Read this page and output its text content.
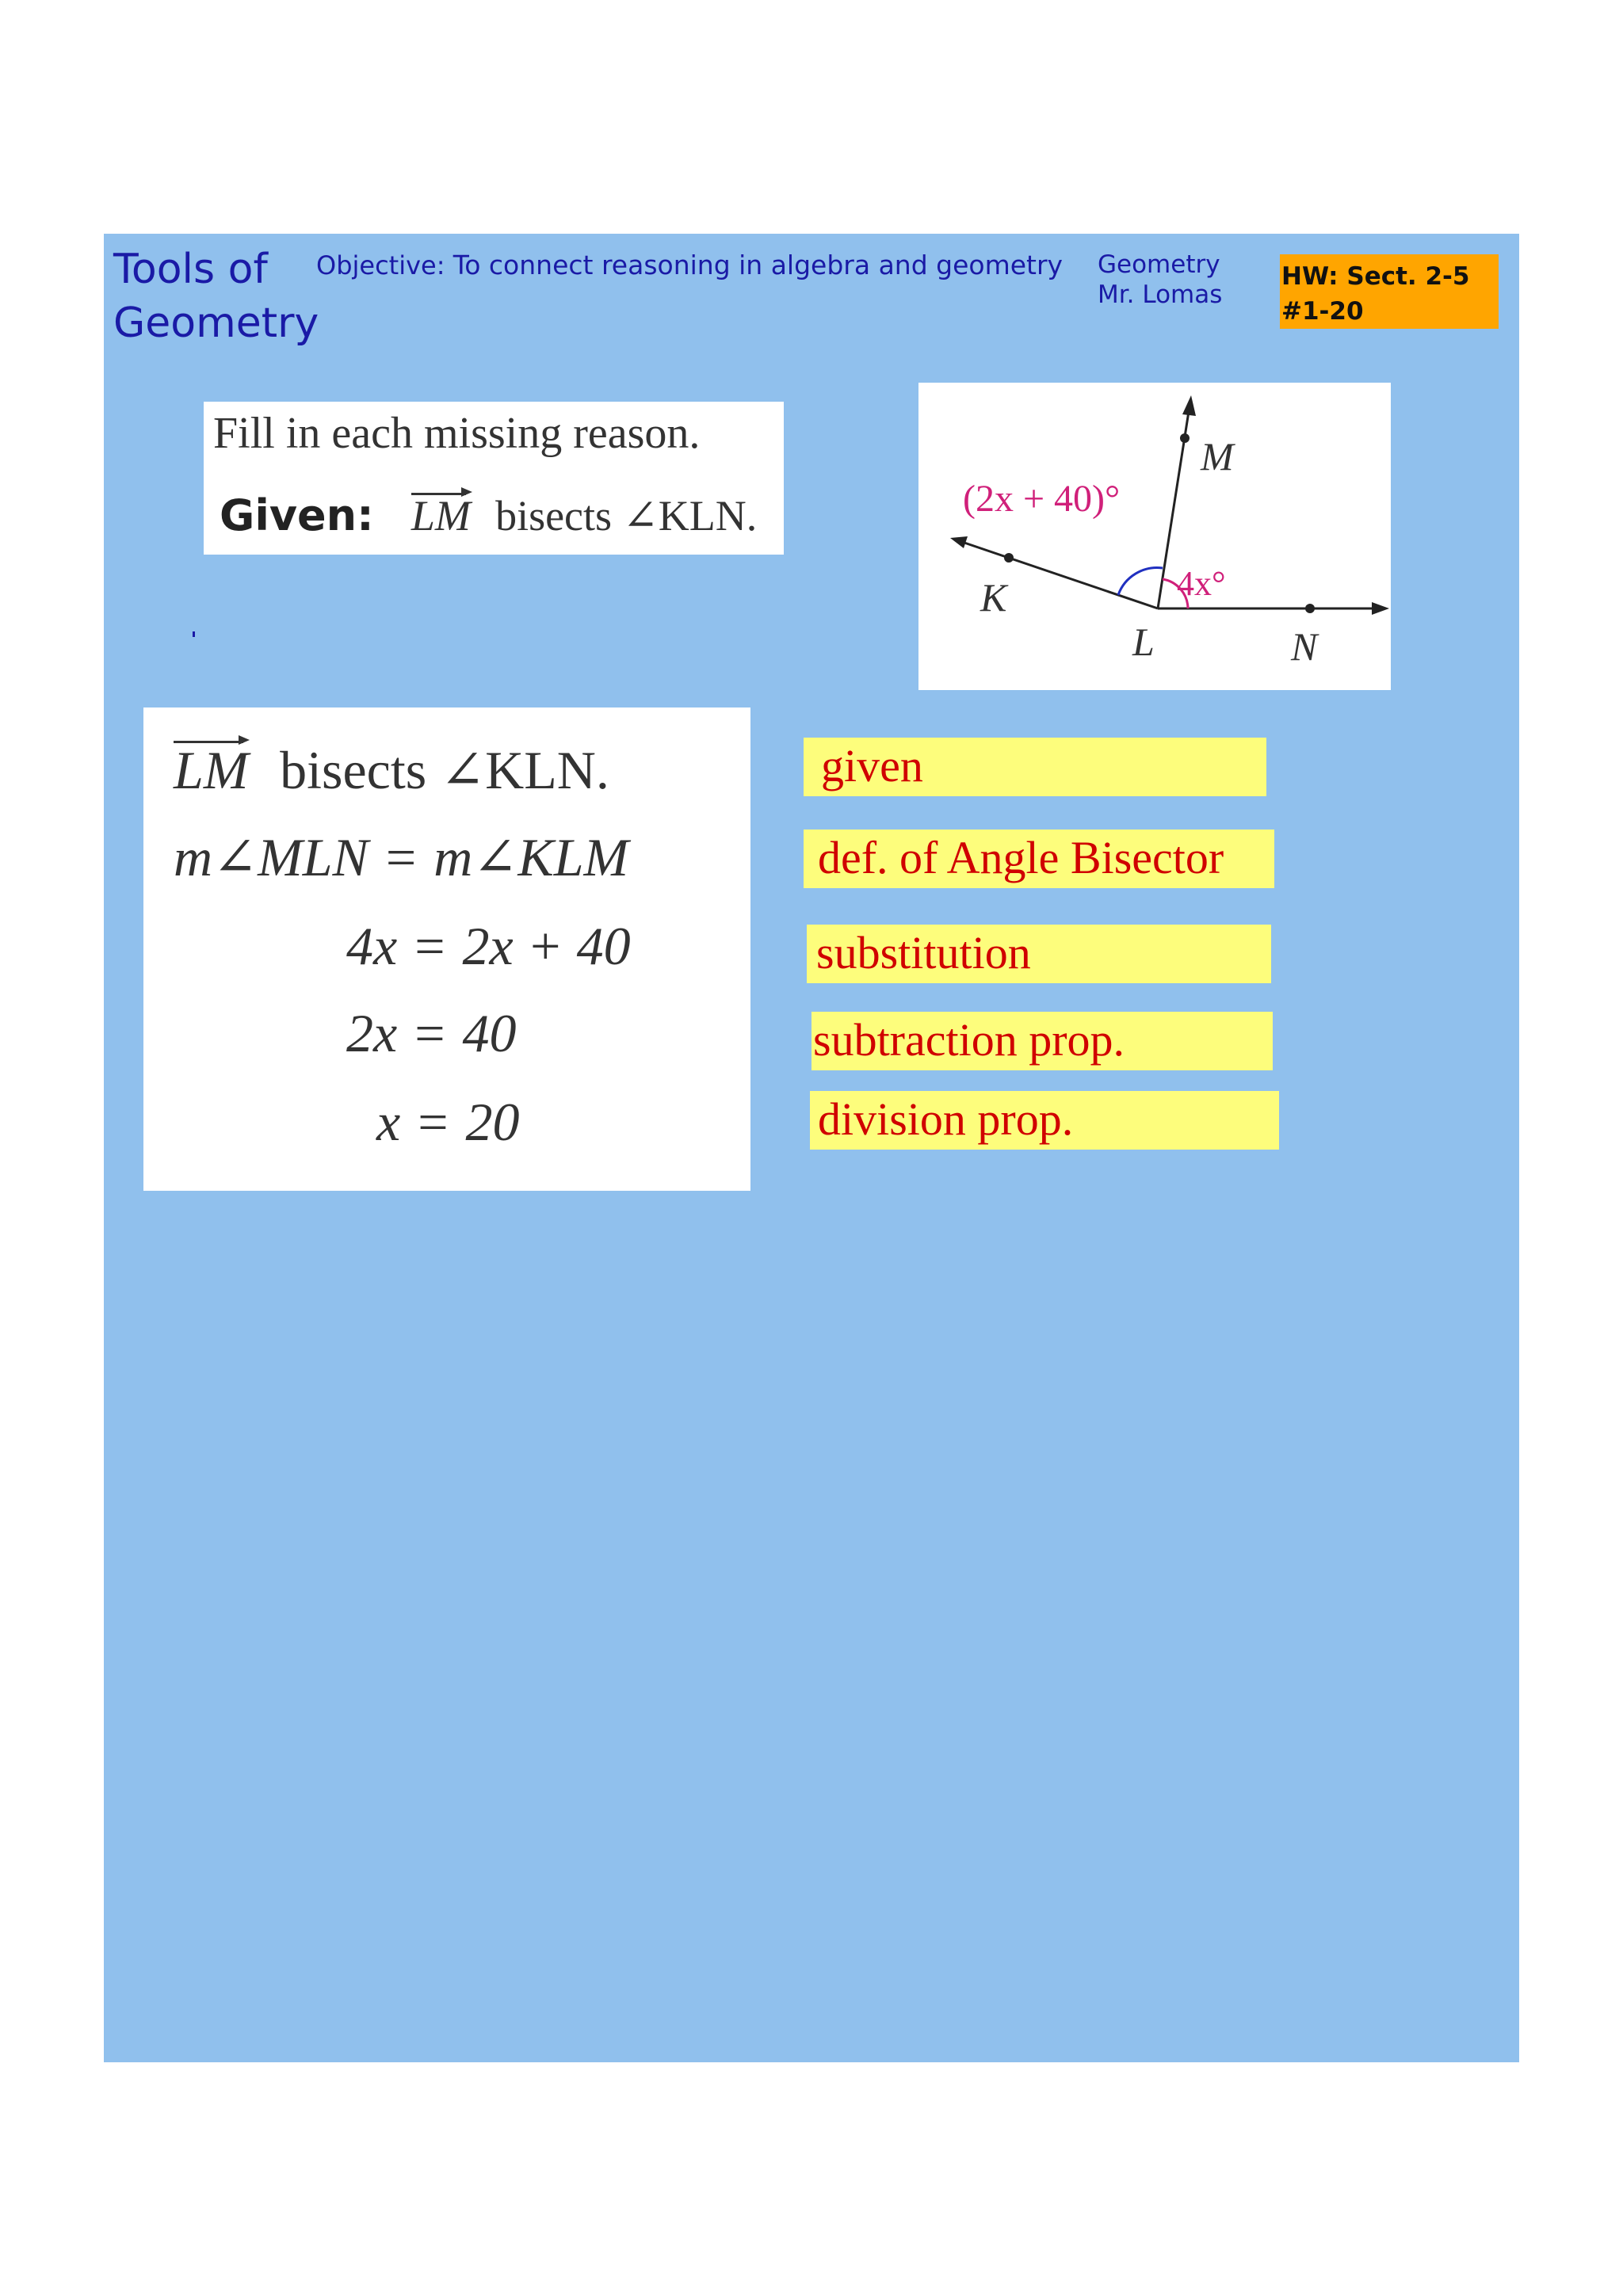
Tools of
Geometry
Objective: To connect reasoning in algebra and geometry Geometry
Mr. Lomas
HW: Sect. 2-5
#1-20
Fill in each missing reason.
Given: LM bisects ∠KLN.	(2x + 40)°
4x°
M
K
L	N
LM bisects ∠KLN.
m∠MLN = m∠KLM
4x = 2x + 40
2x = 40
x = 20
given
def. of Angle Bisector
substitution
subtraction prop.
division prop.
